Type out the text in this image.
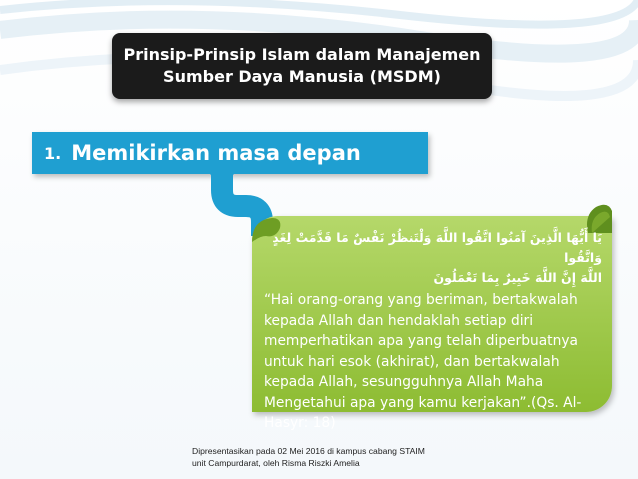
Prinsip-Prinsip Islam dalam Manajemen
Sumber Daya Manusia (MSDM)
1. Memikirkan masa depan
يَا أَيُّهَا الَّذِينَ آمَنُوا اتَّقُوا اللَّهَ وَلْتَنظُرْ نَفْسٌ مَا قَدَّمَتْ لِغَدٍ وَاتَّقُوا
اللَّهَ إِنَّ اللَّهَ خَبِيرٌ بِمَا تَعْمَلُونَ
“Hai orang-orang yang beriman, bertakwalah kepada Allah dan hendaklah setiap diri memperhatikan apa yang telah diperbuatnya untuk hari esok (akhirat), dan bertakwalah kepada Allah, sesungguhnya Allah Maha Mengetahui apa yang kamu kerjakan”.(Qs. Al-Hasyr: 18)
Dipresentasikan pada 02 Mei 2016 di kampus cabang STAIM
unit Campurdarat, oleh Risma Riszki Amelia
